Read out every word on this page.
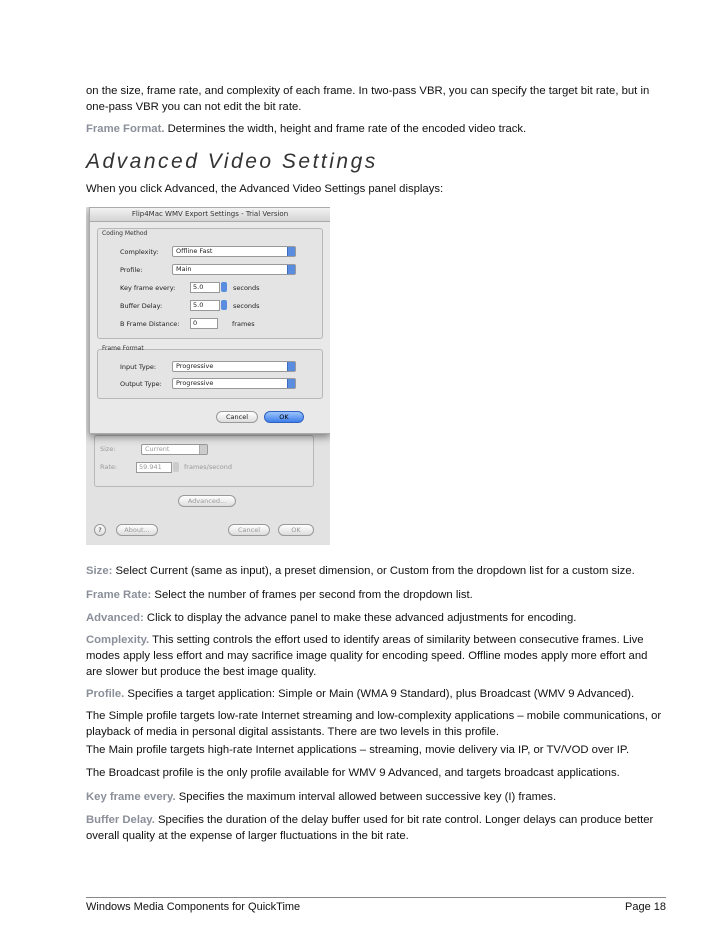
on the size, frame rate, and complexity of each frame. In two-pass VBR, you can specify the target bit rate, but in one-pass VBR you can not edit the bit rate.

Frame Format. Determines the width, height and frame rate of the encoded video track.

Advanced Video Settings

When you click Advanced, the Advanced Video Settings panel displays:

Size:	Current
Rate:	59.941	frames/second
Advanced...
?	About...	Cancel	OK
Flip4Mac WMV Export Settings - Trial Version
Coding Method
Complexity:	Offline Fast
Profile:	Main
Key frame every:	5.0	seconds
Buffer Delay:	5.0	seconds
B Frame Distance:	0	frames
Frame Format
Input Type:	Progressive
Output Type:	Progressive
Cancel	OK

Size: Select Current (same as input), a preset dimension, or Custom from the dropdown list for a custom size.

Frame Rate: Select the number of frames per second from the dropdown list.

Advanced: Click to display the advance panel to make these advanced adjustments for encoding.

Complexity. This setting controls the effort used to identify areas of similarity between consecutive frames. Live modes apply less effort and may sacrifice image quality for encoding speed. Offline modes apply more effort and are slower but produce the best image quality.

Profile. Specifies a target application: Simple or Main (WMA 9 Standard), plus Broadcast (WMV 9 Advanced).

The Simple profile targets low-rate Internet streaming and low-complexity applications – mobile communications, or playback of media in personal digital assistants. There are two levels in this profile.

The Main profile targets high-rate Internet applications – streaming, movie delivery via IP, or TV/VOD over IP.

The Broadcast profile is the only profile available for WMV 9 Advanced, and targets broadcast applications.

Key frame every. Specifies the maximum interval allowed between successive key (I) frames.

Buffer Delay. Specifies the duration of the delay buffer used for bit rate control. Longer delays can produce better overall quality at the expense of larger fluctuations in the bit rate.

Windows Media Components for QuickTime	Page 18
